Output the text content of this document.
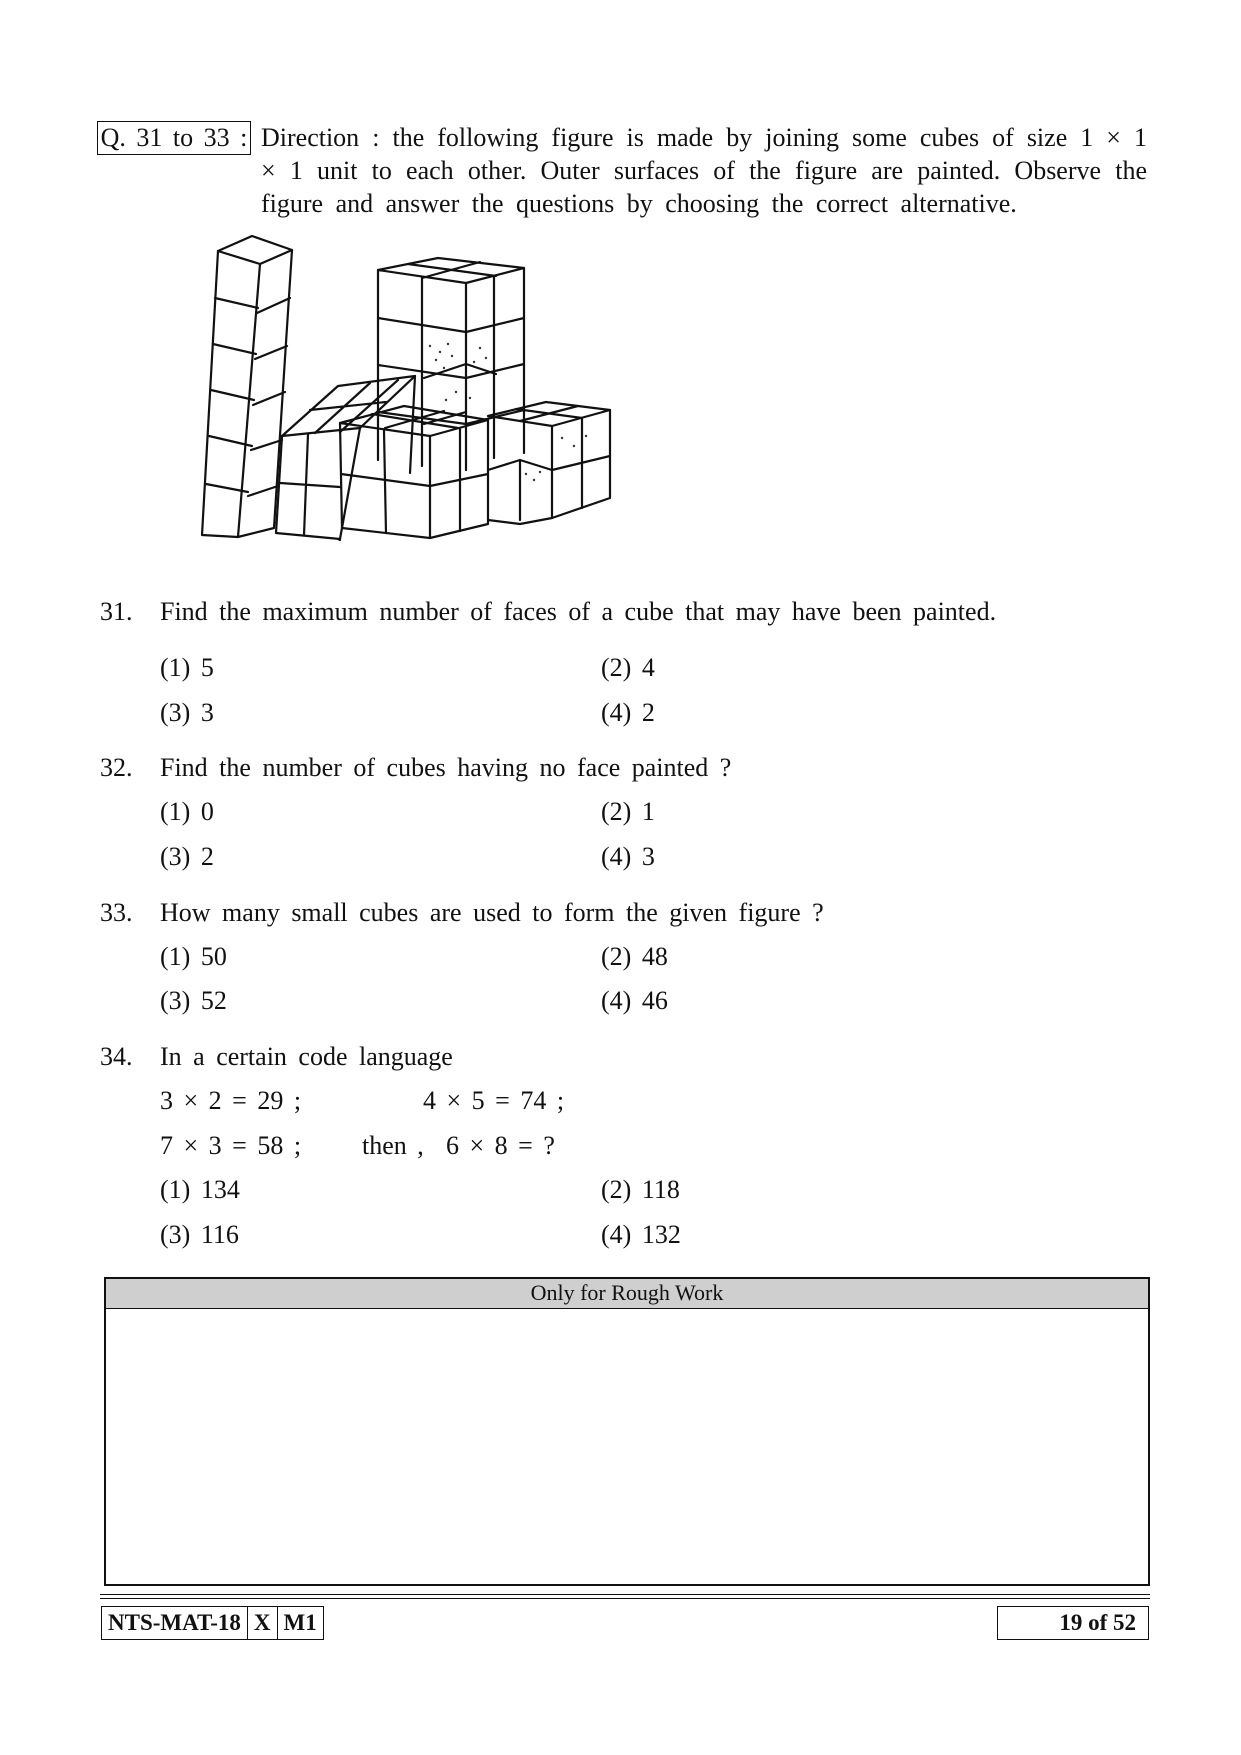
Q. 31 to 33 : Direction : the following figure is made by joining some cubes of size 1 × 1 × 1 unit to each other. Outer surfaces of the figure are painted. Observe the figure and answer the questions by choosing the correct alternative.
31. Find the maximum number of faces of a cube that may have been painted.
(1) 5	(2) 4
(3) 3	(4) 2
32. Find the number of cubes having no face painted ?
(1) 0	(2) 1
(3) 2	(4) 3
33. How many small cubes are used to form the given figure ?
(1) 50	(2) 48
(3) 52	(4) 46
34. In a certain code language
3 × 2 = 29 ;	4 × 5 = 74 ;
7 × 3 = 58 ; then , 6 × 8 = ?
(1) 134	(2) 118
(3) 116	(4) 132
Only for Rough Work
NTS-MAT-18 X M1	19 of 52
